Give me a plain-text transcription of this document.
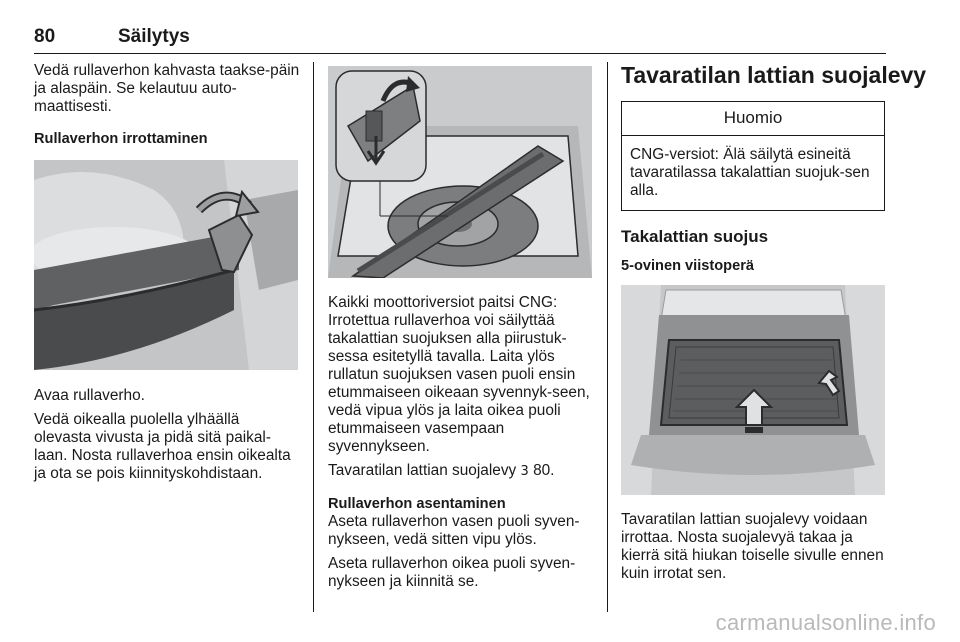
80	Säilytys

Vedä rullaverhon kahvasta taakse-päin ja alaspäin. Se kelautuu auto-maattisesti.

Rullaverhon irrottaminen

Avaa rullaverho.

Vedä oikealla puolella ylhäällä olevasta vivusta ja pidä sitä paikal-laan. Nosta rullaverhoa ensin oikealta ja ota se pois kiinnityskohdistaan.

Kaikki moottoriversiot paitsi CNG: Irrotettua rullaverhoa voi säilyttää takalattian suojuksen alla piirustuk-sessa esitetyllä tavalla. Laita ylös rullatun suojuksen vasen puoli ensin etummaiseen oikeaan syvennyk-seen, vedä vipua ylös ja laita oikea puoli etummaiseen vasempaan syvennykseen.

Tavaratilan lattian suojalevy 3 80.

Rullaverhon asentaminen

Aseta rullaverhon vasen puoli syven-nykseen, vedä sitten vipu ylös.

Aseta rullaverhon oikea puoli syven-nykseen ja kiinnitä se.

Tavaratilan lattian suojalevy
Huomio
CNG-versiot: Älä säilytä esineitä tavaratilassa takalattian suojuk-sen alla.
Takalattian suojus
5-ovinen viistoperä

Tavaratilan lattian suojalevy voidaan irrottaa. Nosta suojalevyä takaa ja kierrä sitä hiukan toiselle sivulle ennen kuin irrotat sen.

carmanualsonline.info
